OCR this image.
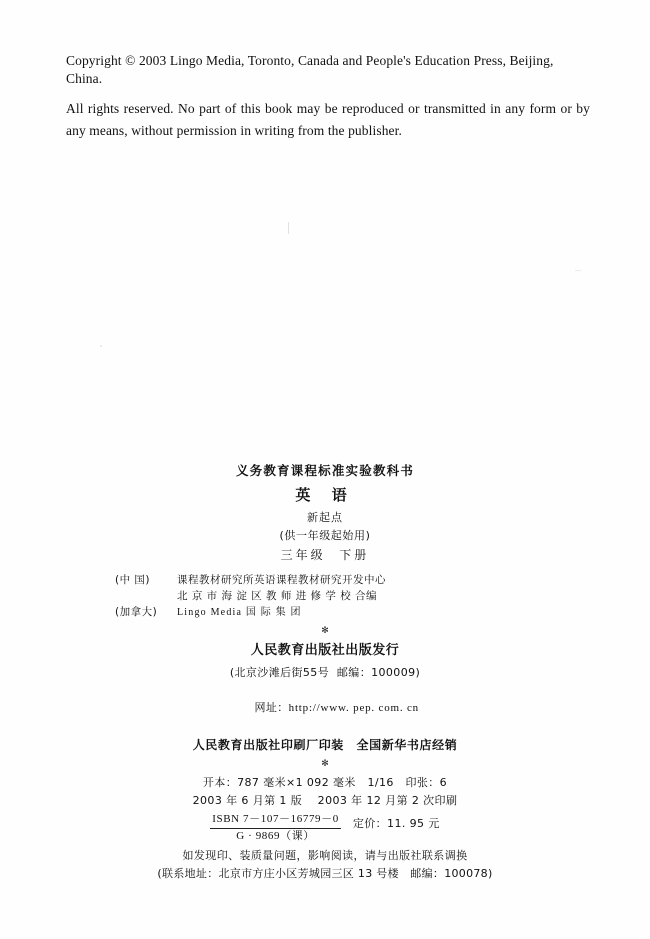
Copyright © 2003 Lingo Media, Toronto, Canada and People's Education Press, Beijing, China.
All rights reserved. No part of this book may be reproduced or transmitted in any form or by any means, without permission in writing from the publisher.
义务教育课程标准实验教科书
英 语
新起点
(供一年级起始用)
三年级  下册
(中 国)	课程教材研究所英语课程教材研究开发中心
北 京 市 海 淀 区 教 师 进 修 学 校 合编
(加拿大)	Lingo Media 国 际 集 团
✻
人民教育出版社出版发行
(北京沙滩后街55号  邮编：100009)

网址：http://www. pep. com. cn

人民教育出版社印刷厂印装　全国新华书店经销
✻
开本：787 毫米×1 092 毫米   1/16   印张：6
2003 年 6 月第 1 版    2003 年 12 月第 2 次印刷
$\frac{\text{ISBN 7－107－16779－0}}{\text{G · 9869（课）}}$ 定价：11. 95 元
如发现印、装质量问题，影响阅读，请与出版社联系调换
(联系地址：北京市方庄小区芳城园三区 13 号楼   邮编：100078)
